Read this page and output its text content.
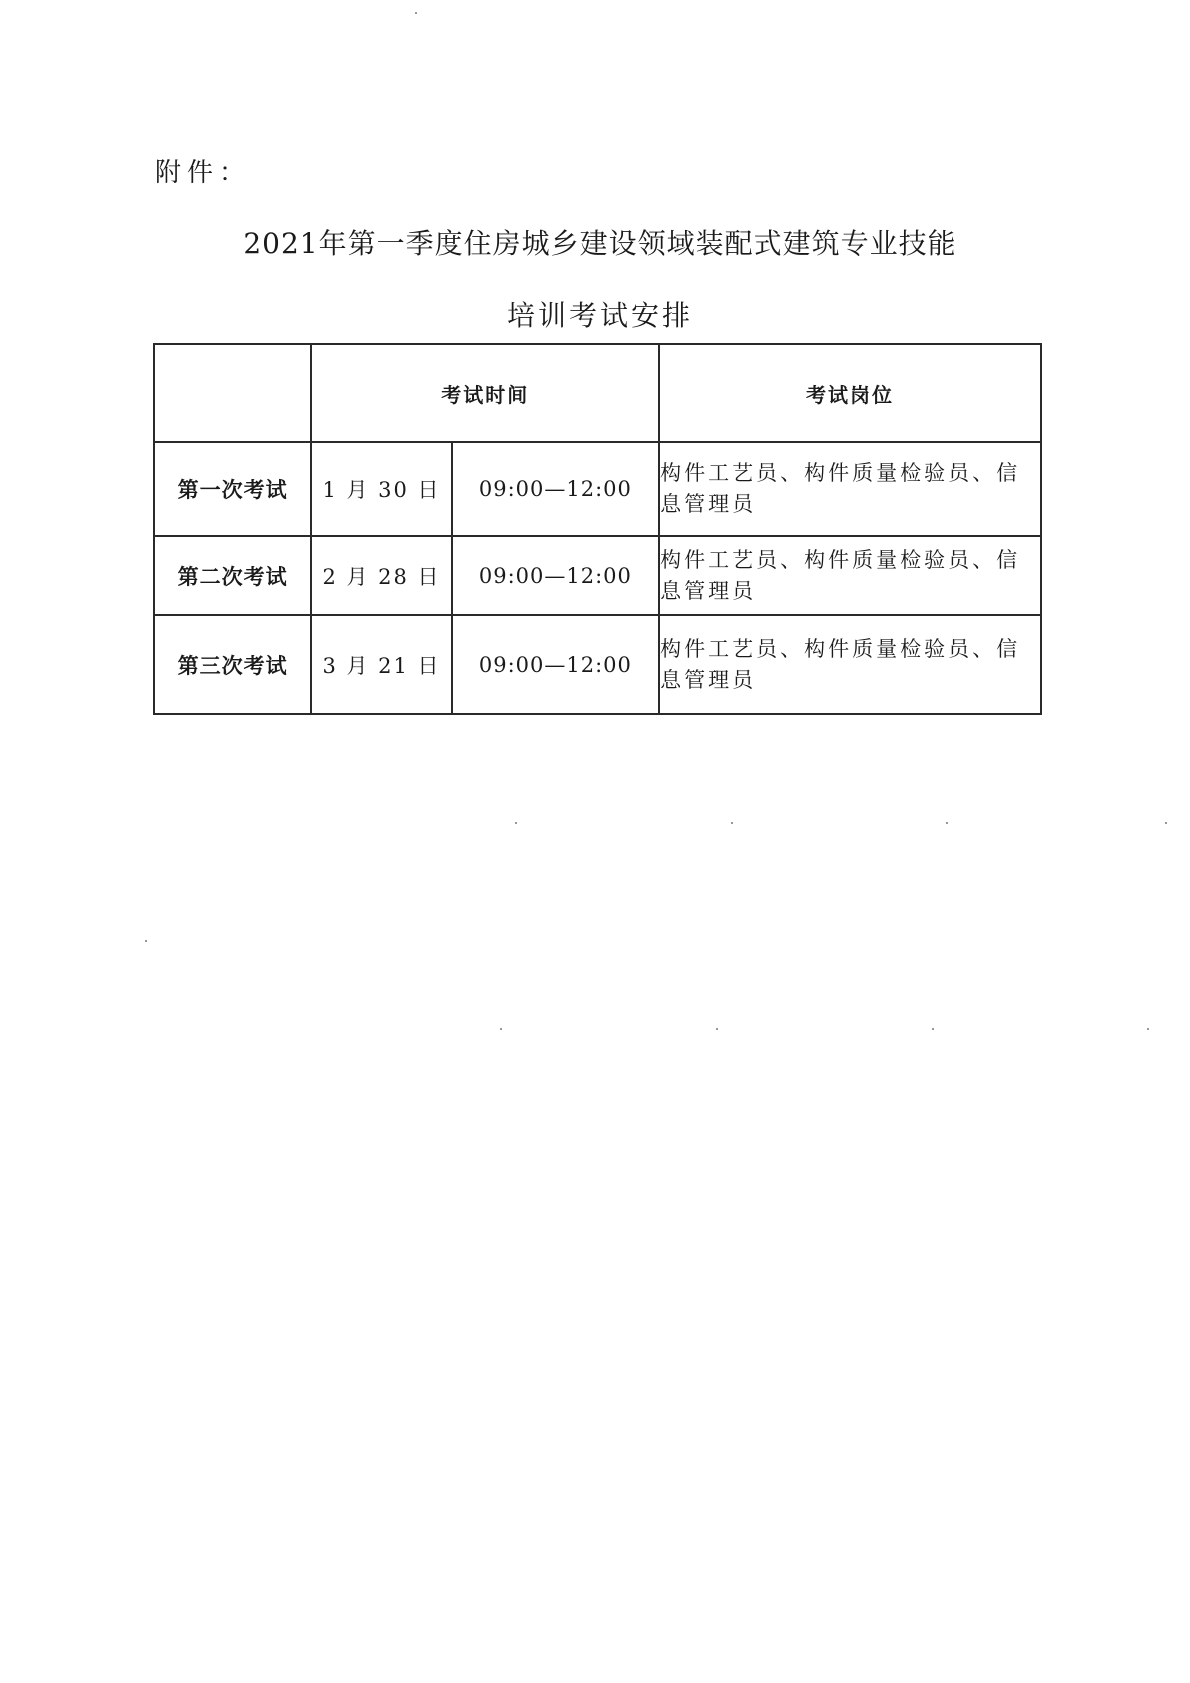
附件：
2021年第一季度住房城乡建设领域装配式建筑专业技能
培训考试安排
	考试时间		考试岗位
第一次考试	1 月 30 日	09:00—12:00	构件工艺员、构件质量检验员、信息管理员
第二次考试	2 月 28 日	09:00—12:00	构件工艺员、构件质量检验员、信息管理员
第三次考试	3 月 21 日	09:00—12:00	构件工艺员、构件质量检验员、信息管理员
